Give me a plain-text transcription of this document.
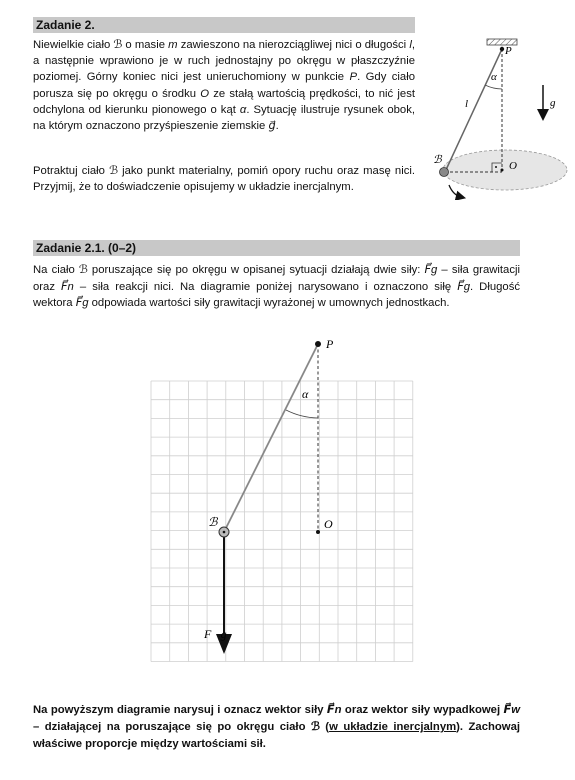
Zadanie 2.

Niewielkie ciało ℬ o masie m zawieszono na nierozciągliwej nici o długości l, a następnie wprawiono je w ruch jednostajny po okręgu w płaszczyźnie poziomej. Górny koniec nici jest unieruchomiony w punkcie P. Gdy ciało porusza się po okręgu o środku O ze stałą wartością prędkości, to nić jest odchylona od kierunku pionowego o kąt α. Sytuację ilustruje rysunek obok, na którym oznaczono przyśpieszenie ziemskie g⃗.

Potraktuj ciało ℬ jako punkt materialny, pomiń opory ruchu oraz masę nici. Przyjmij, że to doświadczenie opisujemy w układzie inercjalnym.

P
α
l
ℬ	O
g⃗
Zadanie 2.1. (0–2)
Na ciało ℬ poruszające się po okręgu w opisanej sytuacji działają dwie siły: F⃗g – siła grawitacji oraz F⃗n – siła reakcji nici. Na diagramie poniżej narysowano i oznaczono siłę F⃗g. Długość wektora F⃗g odpowiada wartości siły grawitacji wyrażonej w umownych jednostkach.
P
α
ℬ	O
F⃗g
Na powyższym diagramie narysuj i oznacz wektor siły F⃗n oraz wektor siły wypadkowej F⃗w – działającej na poruszające się po okręgu ciało ℬ (w układzie inercjalnym). Zachowaj właściwe proporcje między wartościami sił.
